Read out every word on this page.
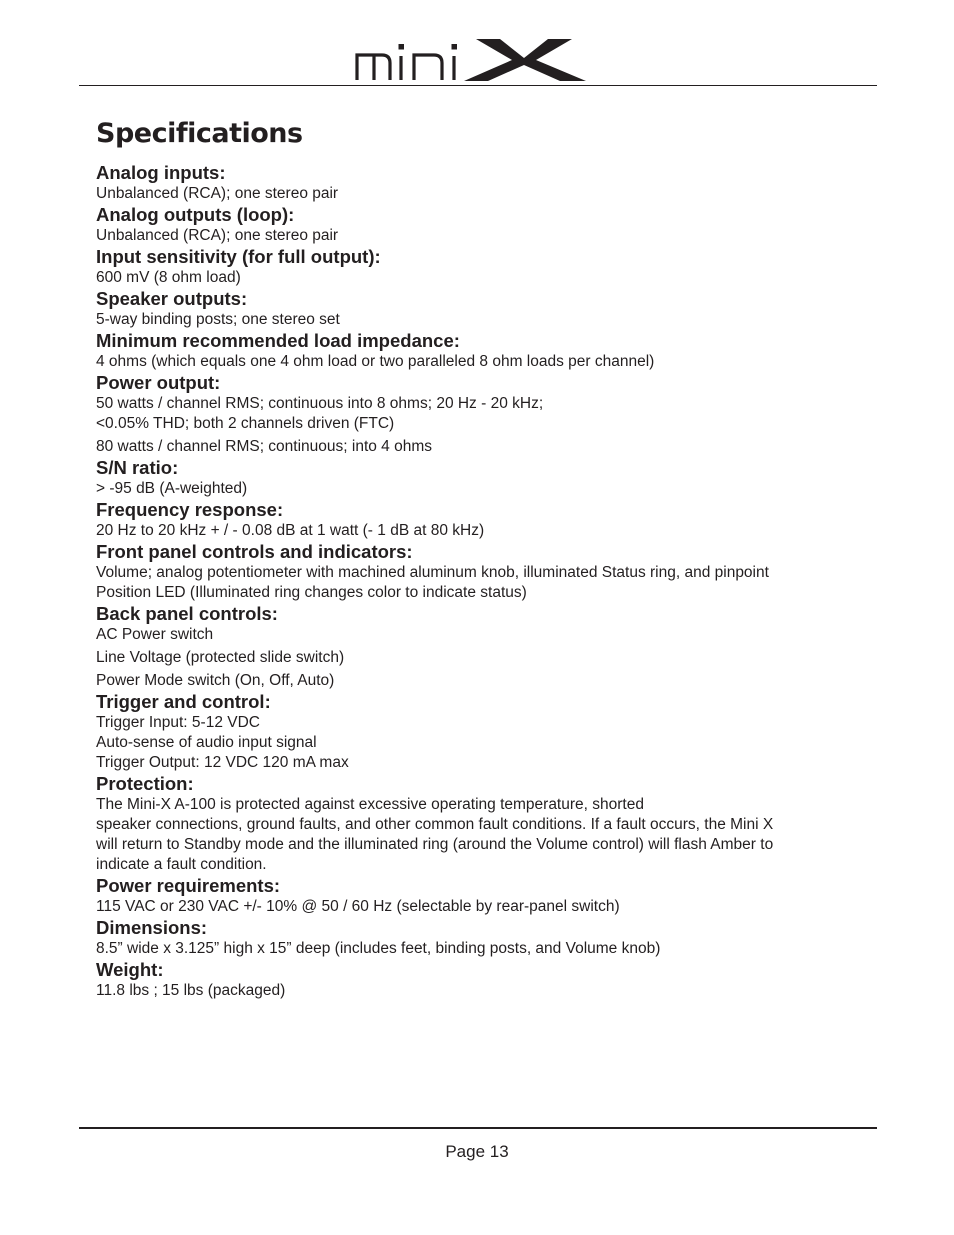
Specifications
Analog inputs:
Unbalanced (RCA); one stereo pair
Analog outputs (loop):
Unbalanced (RCA); one stereo pair
Input sensitivity (for full output):
600 mV (8 ohm load)
Speaker outputs:
5-way binding posts; one stereo set
Minimum recommended load impedance:
4 ohms (which equals one 4 ohm load or two paralleled 8 ohm loads per channel)
Power output:
50 watts / channel RMS; continuous into 8 ohms; 20 Hz - 20 kHz;
<0.05% THD; both 2 channels driven (FTC)
80 watts / channel RMS; continuous; into 4 ohms
S/N ratio:
> -95 dB (A-weighted)
Frequency response:
20 Hz to 20 kHz + / - 0.08 dB at 1 watt (- 1 dB at 80 kHz)
Front panel controls and indicators:
Volume; analog potentiometer with machined aluminum knob, illuminated Status ring, and pinpoint
Position LED (Illuminated ring changes color to indicate status)
Back panel controls:
AC Power switch
Line Voltage (protected slide switch)
Power Mode switch (On, Off, Auto)
Trigger and control:
Trigger Input: 5-12 VDC
Auto-sense of audio input signal
Trigger Output: 12 VDC 120 mA max
Protection:
The Mini-X A-100 is protected against excessive operating temperature, shorted
speaker connections, ground faults, and other common fault conditions. If a fault occurs, the Mini X
will return to Standby mode and the illuminated ring (around the Volume control) will flash Amber to
indicate a fault condition.
Power requirements:
115 VAC or 230 VAC +/- 10% @ 50 / 60 Hz (selectable by rear-panel switch)
Dimensions:
8.5” wide x 3.125” high x 15” deep (includes feet, binding posts, and Volume knob)
Weight:
11.8 lbs ; 15 lbs (packaged)
Page 13
